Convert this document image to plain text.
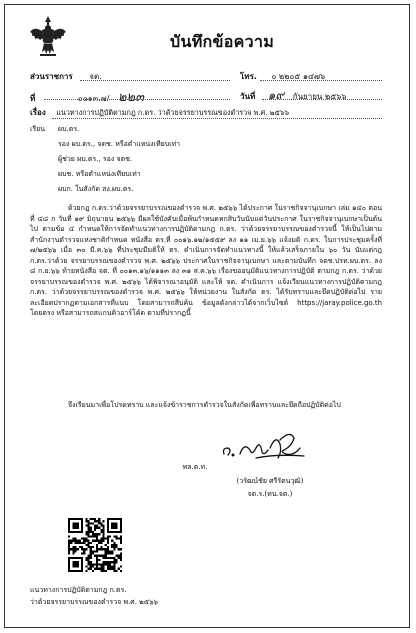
บันทึกข้อความ
ส่วนราชการ จต.	โทร. ๐ ๒๒๐๕ ๑๔๗๖
ที่	๐๐๑๓.๗/ ๒๒๓	วันที่ ๑๙ กันยายน ๒๕๖๖
เรื่อง แนวทางการปฏิบัติตามกฎ ก.ตร. ว่าด้วยจรรยาบรรณของตำรวจ พ.ศ. ๒๕๖๖
เรียน ผบ.ตร.
รอง ผบ.ตร., จตช. หรือตำแหน่งเทียบเท่า
ผู้ช่วย ผบ.ตร., รอง จตช.
ผบช. หรือตำแหน่งเทียบเท่า
ผบก. ในสังกัด สง.ผบ.ตร.
ด้วยกฎ ก.ตร.ว่าด้วยจรรยาบรรณของตำรวจ พ.ศ. ๒๕๖๖ ได้ประกาศ ในราชกิจจานุเบกษา เล่ม ๑๔๐ ตอนที่ ๔๘ ก วันที่ ๑๙ มิถุนายน ๒๕๖๖ มีผลใช้บังคับเมื่อพ้นกำหนดหกสิบวันนับแต่วันประกาศ ในราชกิจจานุเบกษาเป็นต้นไป ตามข้อ ๔ กำหนดให้การจัดทำแนวทางการปฏิบัติตามกฎ ก.ตร. ว่าด้วยจรรยาบรรณของตำรวจนี้ ให้เป็นไปตามสำนักงานตำรวจแห่งชาติกำหนด หนังสือ ตร.ที่ ๐๐๑๖.๑๒/๑๕๕๙ ลง ๑๑ เม.ย.๖๖ แจ้งมติ ก.ตร. ในการประชุมครั้งที่ ๗/๒๕๖๖ เมื่อ ๓๐ มี.ค.๖๖ ที่ประชุมมีมติให้ ตร. ดำเนินการจัดทำแนวทางนี้ ให้แล้วเสร็จภายใน ๖๐ วัน นับแต่กฎ ก.ตร.ว่าด้วย จรรยาบรรณของตำรวจ พ.ศ. ๒๕๖๖ ประกาศในราชกิจจานุเบกษา และตามบันทึก จตช.ปรท.ผบ.ตร. ลง ๘ ก.ย.๖๖ ท้ายหนังสือ จต. ที่ ๐๐๑๓.๑๖/๑๑๑๓ ลง ๓๑ ส.ค.๖๖ เรื่องขออนุมัติแนวทางการปฏิบัติ ตามกฎ ก.ตร. ว่าด้วยจรรยาบรรณของตำรวจ พ.ศ. ๒๕๖๖ ได้พิจารณาอนุมัติ และให้ จต. ดำเนินการ แจ้งเวียนแนวทางการปฏิบัติตามกฎ ก.ตร. ว่าด้วยจรรยาบรรณของตำรวจ พ.ศ. ๒๕๖๖ ให้หน่วยงาน ในสังกัด ตร. ได้รับทราบและยึดปฏิบัติต่อไป รายละเอียดปรากฏตามเอกสารที่แนบ โดยสามารถสืบค้น ข้อมูลดังกล่าวได้จากเว็บไซต์ https://jaray.police.go.th โดยตรง หรือสามารถสแกนคิวอาร์โค้ด ตามที่ปรากฏนี้
จึงเรียนมาเพื่อโปรดทราบ และแจ้งข้าราชการตำรวจในสังกัดเพื่อทราบและยึดถือปฏิบัติต่อไป
พล.ต.ท.
(วรัฒน์ชัย ศรีรัตนวุฒิ)
จต.ร.(ทน.จต.)
แนวทางการปฏิบัติตามกฎ ก.ตร.
ว่าด้วยจรรยาบรรณของตำรวจ พ.ศ. ๒๕๖๖
